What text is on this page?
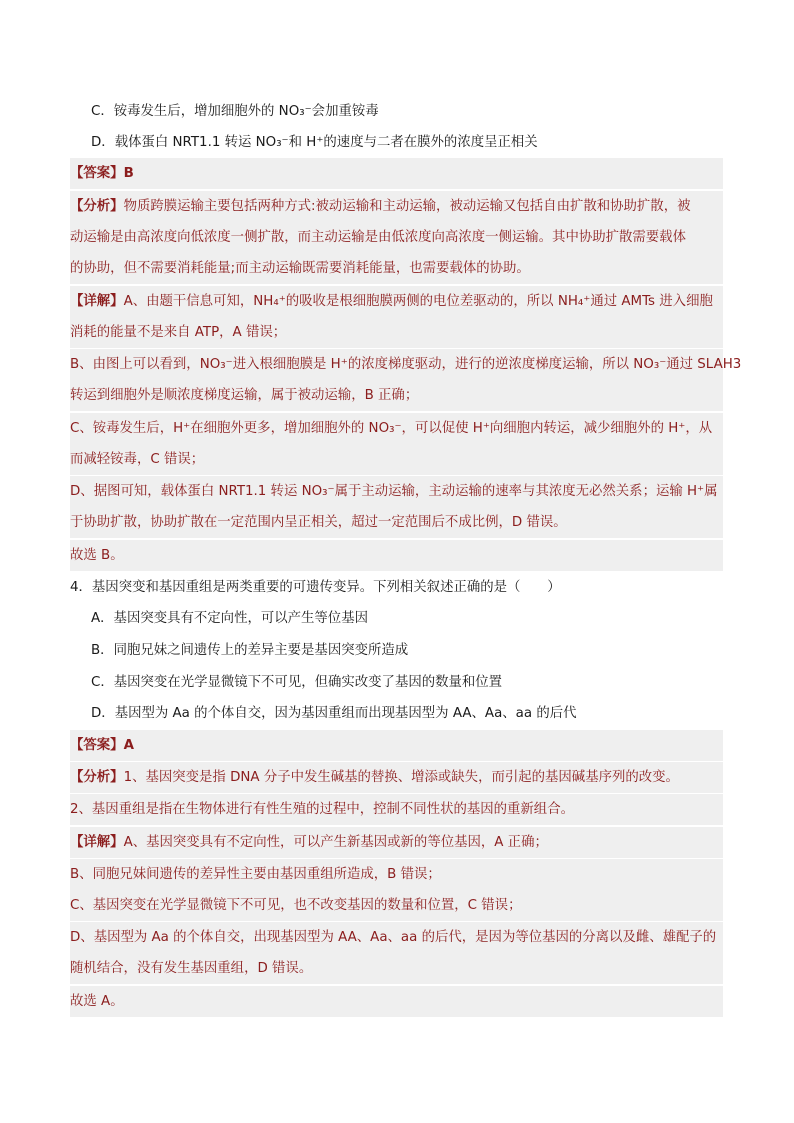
C．铵毒发生后，增加细胞外的 NO₃⁻会加重铵毒
D．载体蛋白 NRT1.1 转运 NO₃⁻和 H⁺的速度与二者在膜外的浓度呈正相关
【答案】B
【分析】物质跨膜运输主要包括两种方式:被动运输和主动运输，被动运输又包括自由扩散和协助扩散，被
动运输是由高浓度向低浓度一侧扩散，而主动运输是由低浓度向高浓度一侧运输。其中协助扩散需要载体
的协助，但不需要消耗能量;而主动运输既需要消耗能量，也需要载体的协助。
【详解】A、由题干信息可知，NH₄⁺的吸收是根细胞膜两侧的电位差驱动的，所以 NH₄⁺通过 AMTs 进入细胞
消耗的能量不是来自 ATP，A 错误；
B、由图上可以看到，NO₃⁻进入根细胞膜是 H⁺的浓度梯度驱动，进行的逆浓度梯度运输，所以 NO₃⁻通过 SLAH3
转运到细胞外是顺浓度梯度运输，属于被动运输，B 正确；
C、铵毒发生后，H⁺在细胞外更多，增加细胞外的 NO₃⁻，可以促使 H⁺向细胞内转运，减少细胞外的 H⁺，从
而减轻铵毒，C 错误；
D、据图可知，载体蛋白 NRT1.1 转运 NO₃⁻属于主动运输，主动运输的速率与其浓度无必然关系；运输 H⁺属
于协助扩散，协助扩散在一定范围内呈正相关，超过一定范围后不成比例，D 错误。
故选 B。
4．基因突变和基因重组是两类重要的可遗传变异。下列相关叙述正确的是（　　）
A．基因突变具有不定向性，可以产生等位基因
B．同胞兄妹之间遗传上的差异主要是基因突变所造成
C．基因突变在光学显微镜下不可见，但确实改变了基因的数量和位置
D．基因型为 Aa 的个体自交，因为基因重组而出现基因型为 AA、Aa、aa 的后代
【答案】A
【分析】1、基因突变是指 DNA 分子中发生碱基的替换、增添或缺失，而引起的基因碱基序列的改变。
2、基因重组是指在生物体进行有性生殖的过程中，控制不同性状的基因的重新组合。
【详解】A、基因突变具有不定向性，可以产生新基因或新的等位基因，A 正确；
B、同胞兄妹间遗传的差异性主要由基因重组所造成，B 错误；
C、基因突变在光学显微镜下不可见，也不改变基因的数量和位置，C 错误；
D、基因型为 Aa 的个体自交，出现基因型为 AA、Aa、aa 的后代，是因为等位基因的分离以及雌、雄配子的
随机结合，没有发生基因重组，D 错误。
故选 A。
